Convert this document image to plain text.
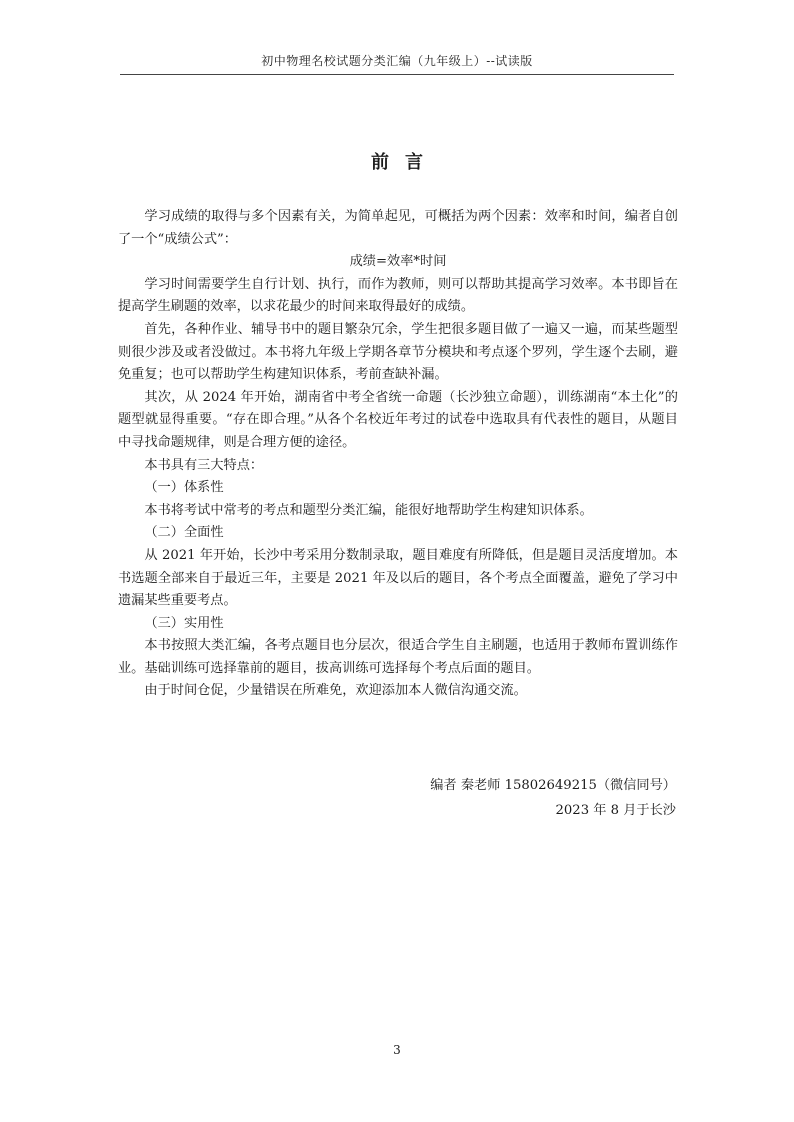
初中物理名校试题分类汇编（九年级上）--试读版
前言

学习成绩的取得与多个因素有关，为简单起见，可概括为两个因素：效率和时间，编者自创了一个“成绩公式”：

成绩=效率*时间

学习时间需要学生自行计划、执行，而作为教师，则可以帮助其提高学习效率。本书即旨在提高学生刷题的效率，以求花最少的时间来取得最好的成绩。

首先，各种作业、辅导书中的题目繁杂冗余，学生把很多题目做了一遍又一遍，而某些题型则很少涉及或者没做过。本书将九年级上学期各章节分模块和考点逐个罗列，学生逐个去刷，避免重复；也可以帮助学生构建知识体系，考前查缺补漏。

其次，从 2024 年开始，湖南省中考全省统一命题（长沙独立命题），训练湖南“本土化”的题型就显得重要。“存在即合理。”从各个名校近年考过的试卷中选取具有代表性的题目，从题目中寻找命题规律，则是合理方便的途径。

本书具有三大特点：

（一）体系性

本书将考试中常考的考点和题型分类汇编，能很好地帮助学生构建知识体系。

（二）全面性

从 2021 年开始，长沙中考采用分数制录取，题目难度有所降低，但是题目灵活度增加。本书选题全部来自于最近三年，主要是 2021 年及以后的题目，各个考点全面覆盖，避免了学习中遗漏某些重要考点。

（三）实用性

本书按照大类汇编，各考点题目也分层次，很适合学生自主刷题，也适用于教师布置训练作业。基础训练可选择靠前的题目，拔高训练可选择每个考点后面的题目。

由于时间仓促，少量错误在所难免，欢迎添加本人微信沟通交流。

编者 秦老师 15802649215（微信同号）
2023 年 8 月于长沙
3
